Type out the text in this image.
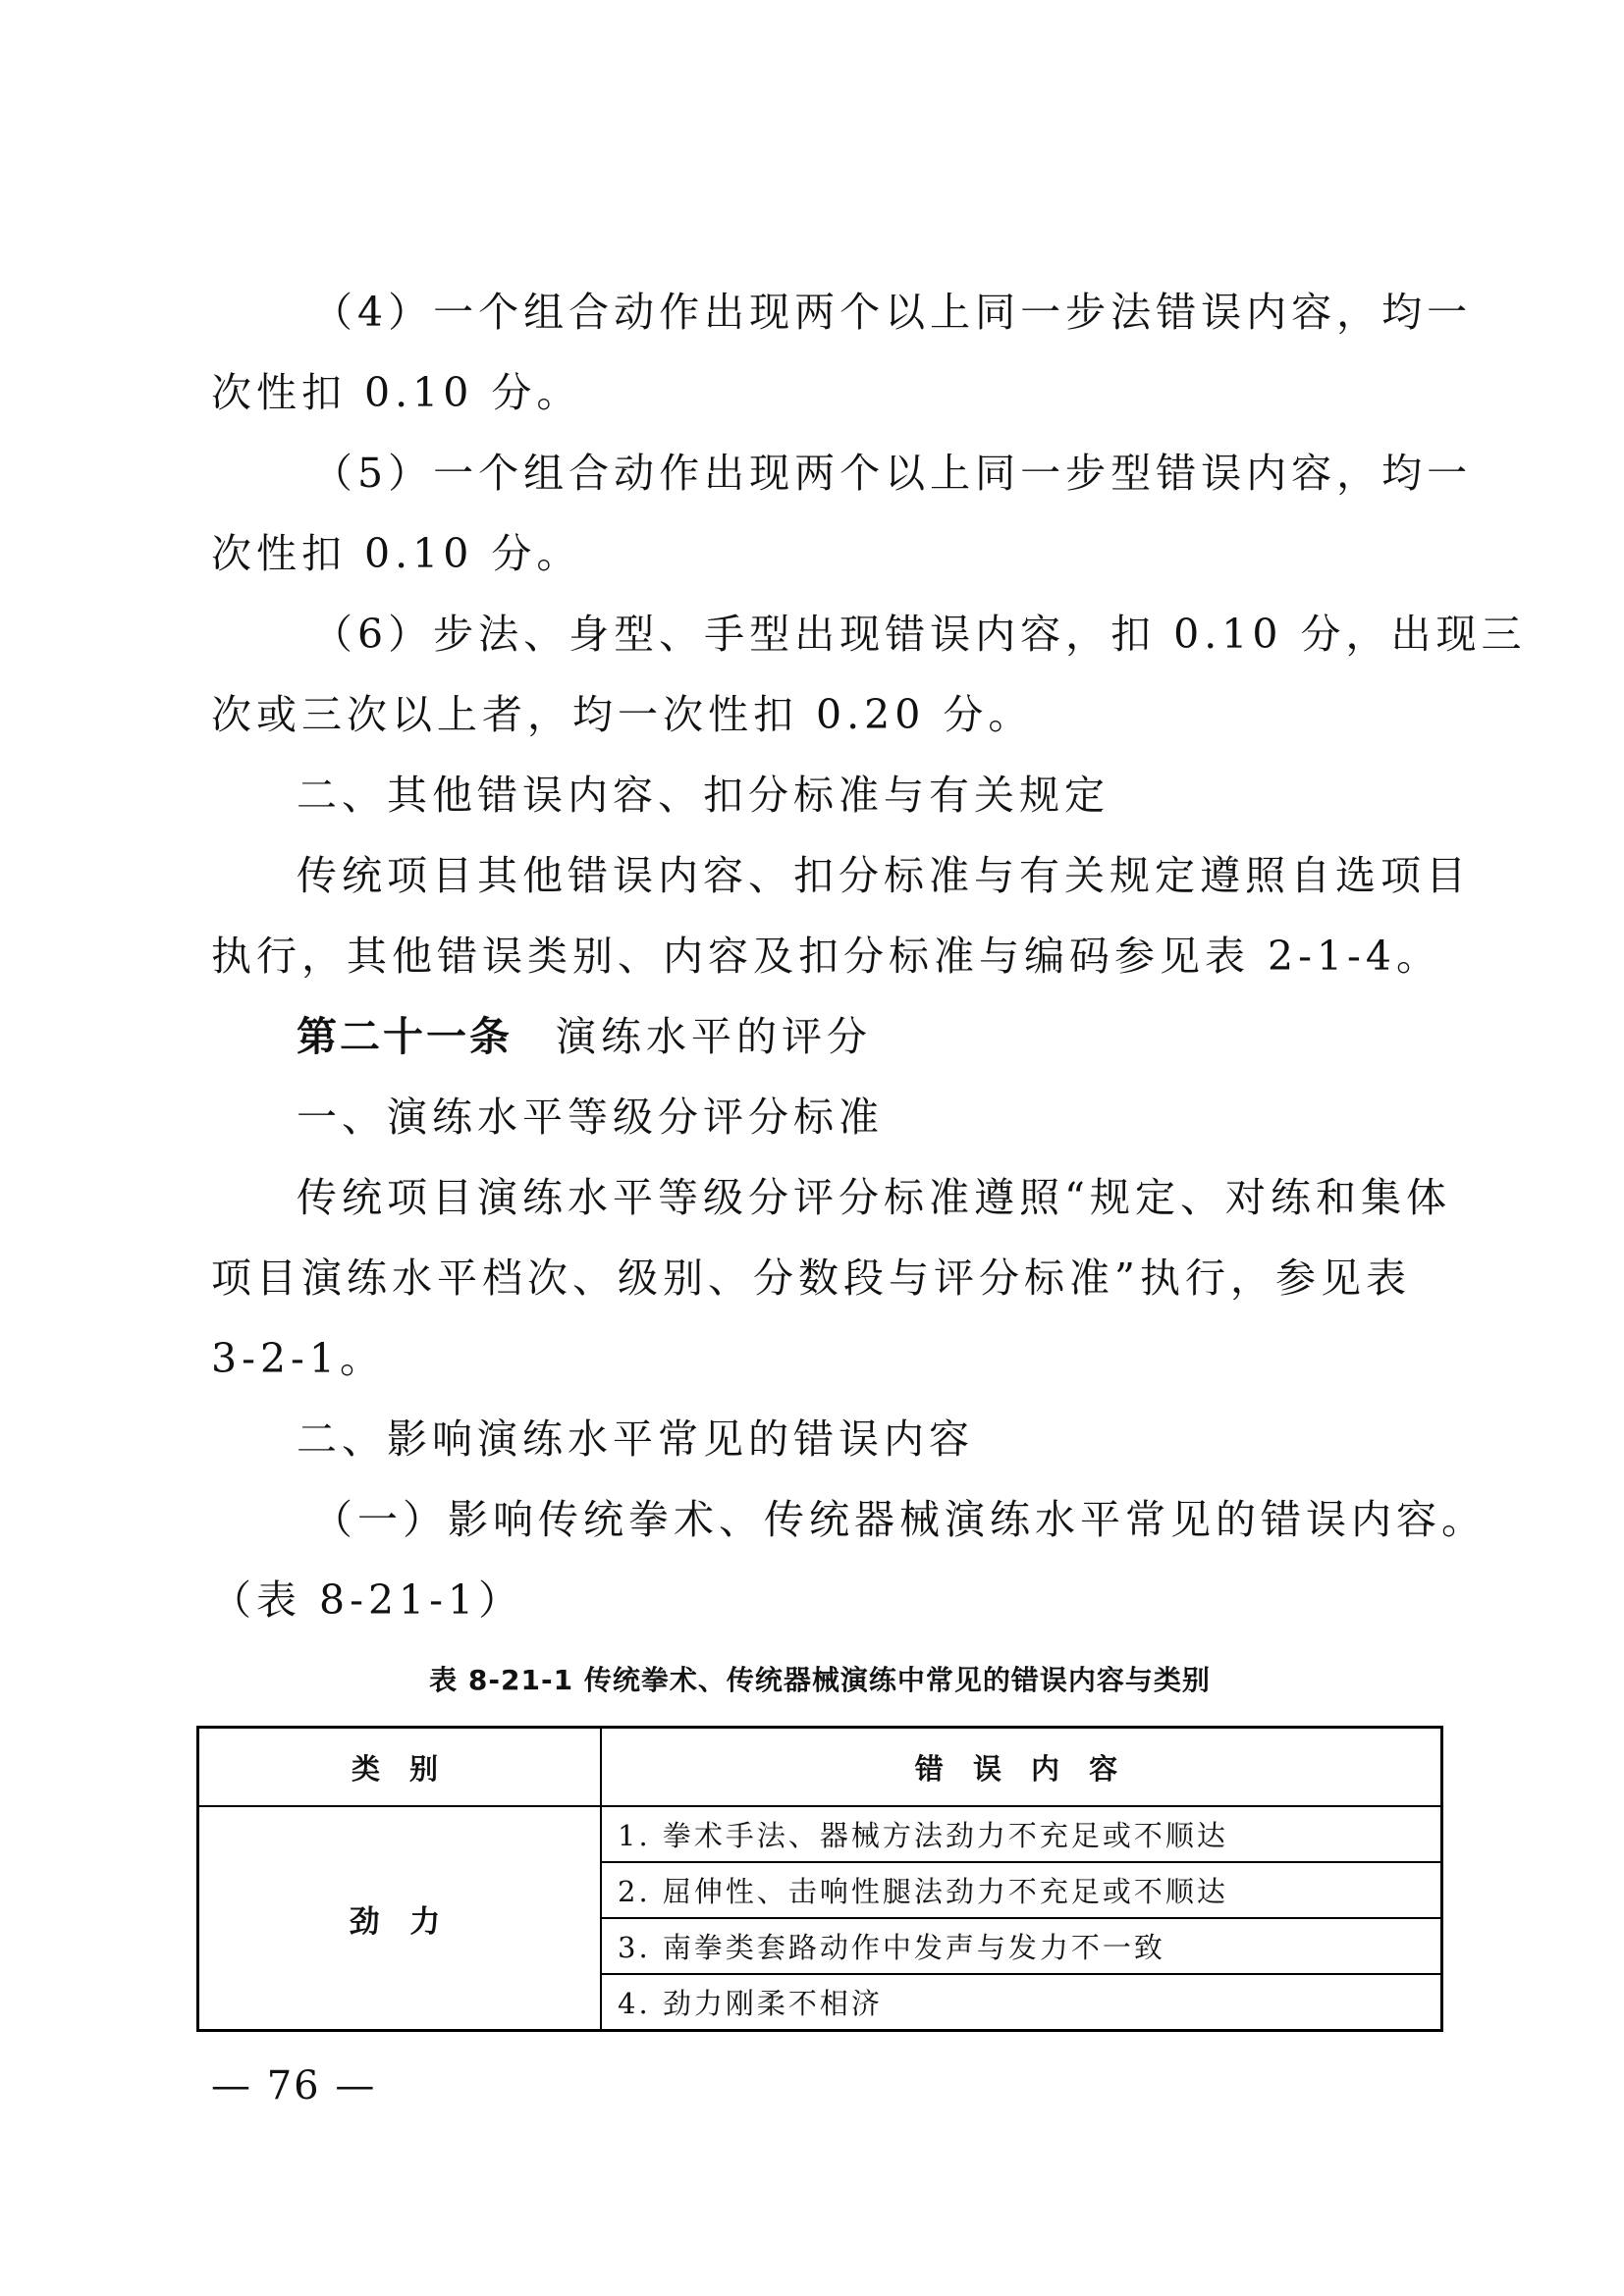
（4）一个组合动作出现两个以上同一步法错误内容，均一
次性扣 0.10 分。
（5）一个组合动作出现两个以上同一步型错误内容，均一
次性扣 0.10 分。
（6）步法、身型、手型出现错误内容，扣 0.10 分，出现三
次或三次以上者，均一次性扣 0.20 分。
二、其他错误内容、扣分标准与有关规定
传统项目其他错误内容、扣分标准与有关规定遵照自选项目
执行，其他错误类别、内容及扣分标准与编码参见表 2-1-4。
第二十一条 演练水平的评分
一、演练水平等级分评分标准
传统项目演练水平等级分评分标准遵照“规定、对练和集体
项目演练水平档次、级别、分数段与评分标准”执行，参见表
3-2-1。
二、影响演练水平常见的错误内容
（一）影响传统拳术、传统器械演练水平常见的错误内容。
（表 8-21-1）
表 8-21-1 传统拳术、传统器械演练中常见的错误内容与类别
类 别	错 误 内 容
劲 力	1. 拳术手法、器械方法劲力不充足或不顺达
	2. 屈伸性、击响性腿法劲力不充足或不顺达
	3. 南拳类套路动作中发声与发力不一致
	4. 劲力刚柔不相济
— 76 —
